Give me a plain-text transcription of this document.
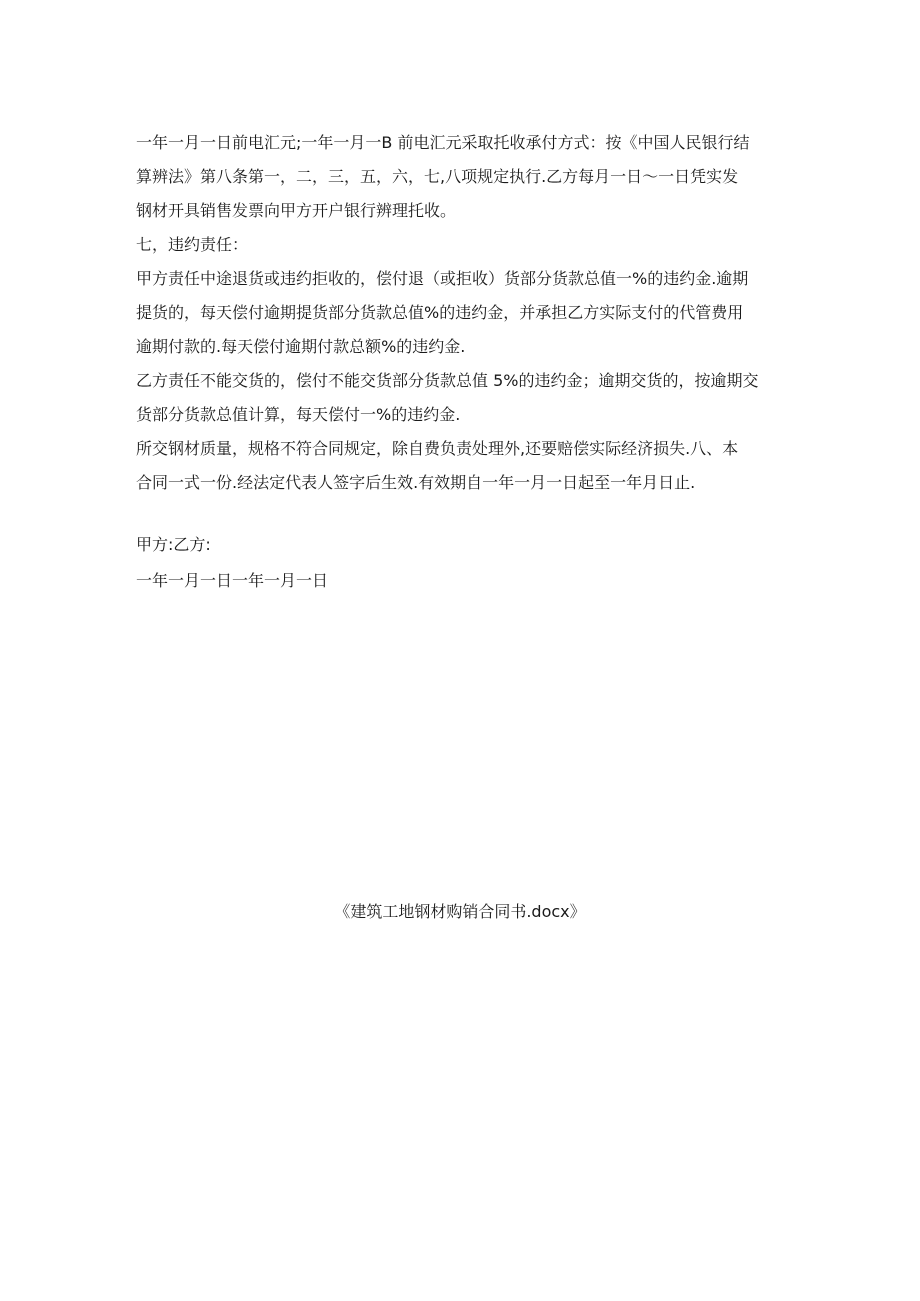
一年一月一日前电汇元;一年一月一B 前电汇元采取托收承付方式：按《中国人民银行结
算辨法》第八条第一，二，三，五，六，七,八项规定执行.乙方每月一日〜一日凭实发
钢材开具销售发票向甲方开户银行辨理托收。

七，违约责任：

甲方责任中途退货或违约拒收的，偿付退（或拒收）货部分货款总值一%的违约金.逾期
提货的，每天偿付逾期提货部分货款总值%的违约金，并承担乙方实际支付的代管费用
逾期付款的.每天偿付逾期付款总额%的违约金.

乙方责任不能交货的，偿付不能交货部分货款总值 5%的违约金；逾期交货的，按逾期交
货部分货款总值计算，每天偿付一%的违约金.

所交钢材质量，规格不符合同规定，除自费负责处理外,还要赔偿实际经济损失.八、本
合同一式一份.经法定代表人签字后生效.有效期自一年一月一日起至一年月日止.

甲方:乙方:
一年一月一日一年一月一日
《建筑工地钢材购销合同书.docx》
